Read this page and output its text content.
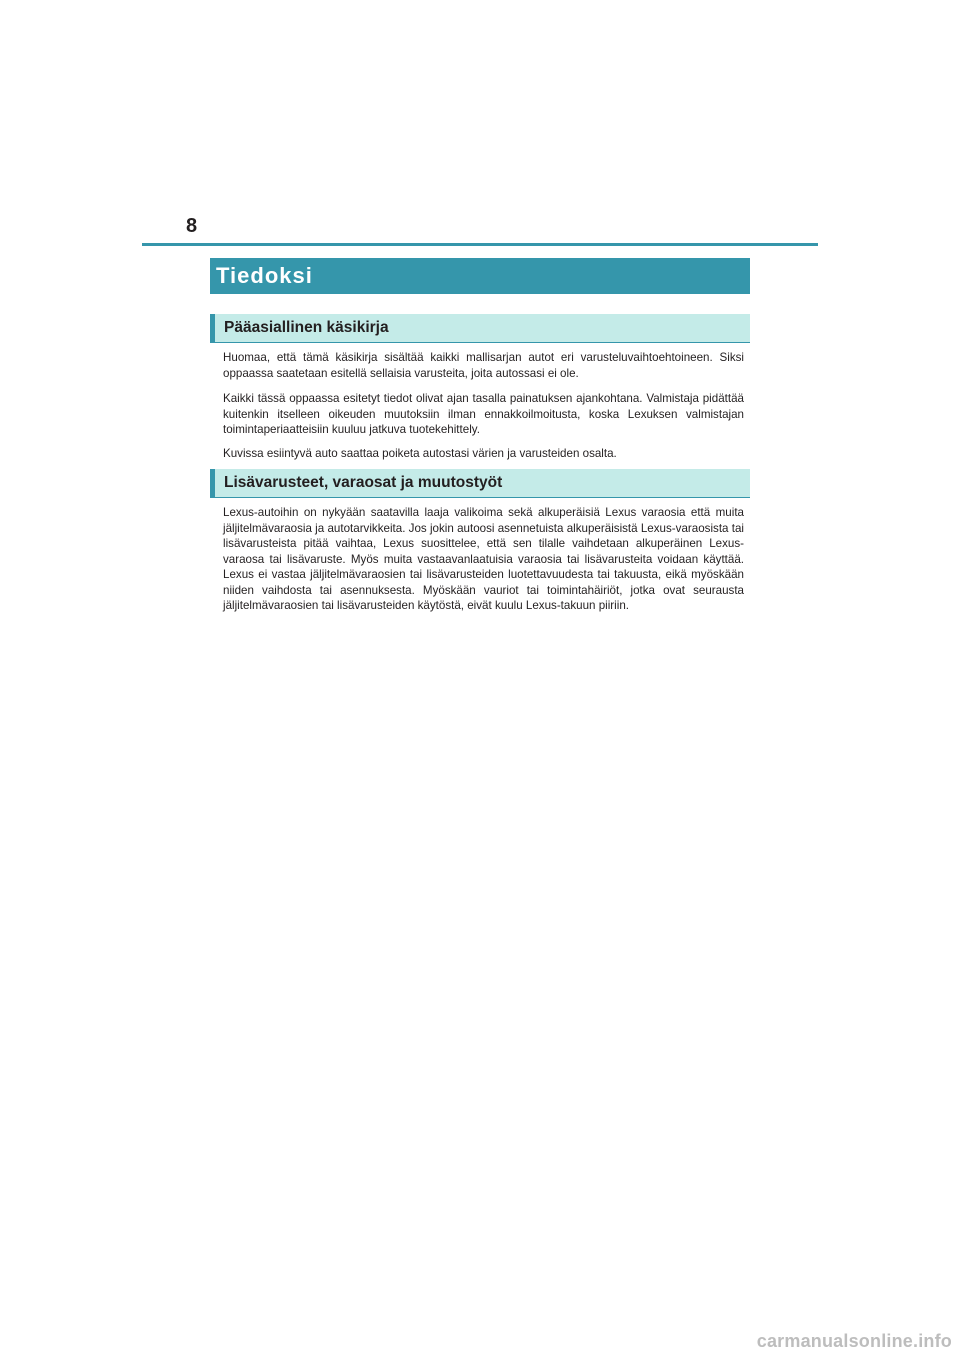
8
Tiedoksi
Pääasiallinen käsikirja

Huomaa, että tämä käsikirja sisältää kaikki mallisarjan autot eri varusteluvaihtoehtoineen. Siksi oppaassa saatetaan esitellä sellaisia varusteita, joita autossasi ei ole.

Kaikki tässä oppaassa esitetyt tiedot olivat ajan tasalla painatuksen ajankohtana. Valmistaja pidättää kuitenkin itselleen oikeuden muutoksiin ilman ennakkoilmoitusta, koska Lexuksen valmistajan toimintaperiaatteisiin kuuluu jatkuva tuotekehittely.

Kuvissa esiintyvä auto saattaa poiketa autostasi värien ja varusteiden osalta.

Lisävarusteet, varaosat ja muutostyöt

Lexus-autoihin on nykyään saatavilla laaja valikoima sekä alkuperäisiä Lexus varaosia että muita jäljitelmävaraosia ja autotarvikkeita. Jos jokin autoosi asennetuista alkuperäisistä Lexus-varaosista tai lisävarusteista pitää vaihtaa, Lexus suosittelee, että sen tilalle vaihdetaan alkuperäinen Lexus-varaosa tai lisävaruste. Myös muita vastaavanlaatuisia varaosia tai lisävarusteita voidaan käyttää. Lexus ei vastaa jäljitelmävaraosien tai lisävarusteiden luotettavuudesta tai takuusta, eikä myöskään niiden vaihdosta tai asennuksesta. Myöskään vauriot tai toimintahäiriöt, jotka ovat seurausta jäljitelmävaraosien tai lisävarusteiden käytöstä, eivät kuulu Lexus-takuun piiriin.

carmanualsonline.info
